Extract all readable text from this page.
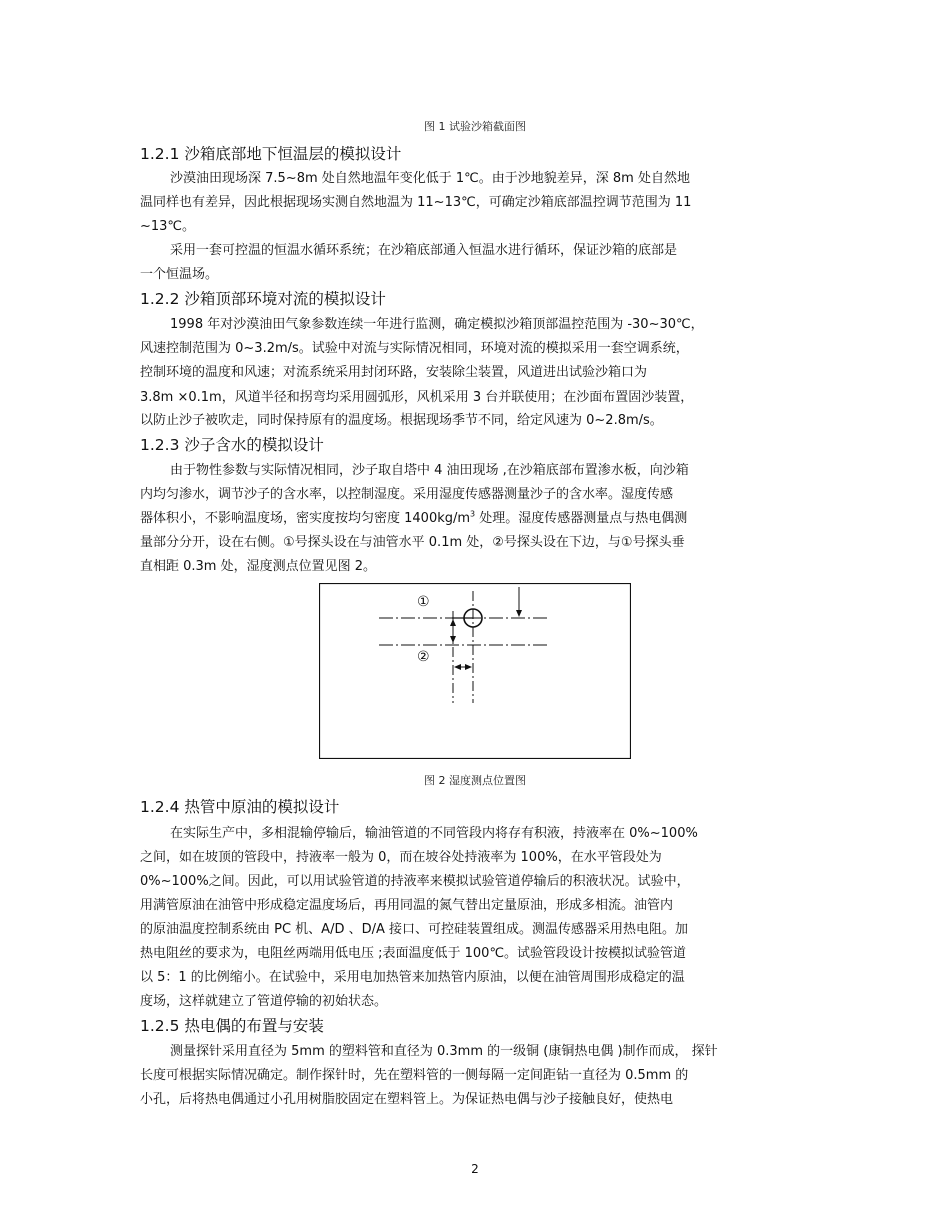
图 1 试验沙箱截面图
1.2.1 沙箱底部地下恒温层的模拟设计
沙漠油田现场深 7.5~8m 处自然地温年变化低于 1℃。由于沙地貌差异，深 8m 处自然地
温同样也有差异，因此根据现场实测自然地温为 11~13℃，可确定沙箱底部温控调节范围为 11
~13℃。
采用一套可控温的恒温水循环系统；在沙箱底部通入恒温水进行循环，保证沙箱的底部是
一个恒温场。
1.2.2 沙箱顶部环境对流的模拟设计
1998 年对沙漠油田气象参数连续一年进行监测，确定模拟沙箱顶部温控范围为 -30~30℃，
风速控制范围为 0~3.2m/s。试验中对流与实际情况相同，环境对流的模拟采用一套空调系统，
控制环境的温度和风速；对流系统采用封闭环路，安装除尘装置，风道进出试验沙箱口为
3.8m ×0.1m，风道半径和拐弯均采用圆弧形，风机采用 3 台并联使用；在沙面布置固沙装置，
以防止沙子被吹走，同时保持原有的温度场。根据现场季节不同，给定风速为 0~2.8m/s。
1.2.3 沙子含水的模拟设计
由于物性参数与实际情况相同，沙子取自塔中 4 油田现场 ,在沙箱底部布置渗水板，向沙箱
内均匀渗水，调节沙子的含水率，以控制湿度。采用湿度传感器测量沙子的含水率。湿度传感
器体积小，不影响温度场，密实度按均匀密度 $1400kg/m^3$ 处理。湿度传感器测量点与热电偶测
量部分分开，设在右侧。①号探头设在与油管水平 0.1m 处，②号探头设在下边，与①号探头垂
直相距 0.3m 处，湿度测点位置见图 2。
①
②
图 2 湿度测点位置图
1.2.4 热管中原油的模拟设计
在实际生产中，多相混输停输后，输油管道的不同管段内将存有积液，持液率在 0%~100%
之间，如在坡顶的管段中，持液率一般为 0，而在坡谷处持液率为 100%，在水平管段处为
0%~100%之间。因此，可以用试验管道的持液率来模拟试验管道停输后的积液状况。试验中，
用满管原油在油管中形成稳定温度场后，再用同温的氮气替出定量原油，形成多相流。油管内
的原油温度控制系统由 PC 机、A/D 、D/A 接口、可控硅装置组成。测温传感器采用热电阻。加
热电阻丝的要求为，电阻丝两端用低电压 ;表面温度低于 100℃。试验管段设计按模拟试验管道
以 5：1 的比例缩小。在试验中，采用电加热管来加热管内原油，以便在油管周围形成稳定的温
度场，这样就建立了管道停输的初始状态。
1.2.5 热电偶的布置与安装
测量探针采用直径为 5mm 的塑料管和直径为 0.3mm 的一级铜 (康铜热电偶 )制作而成， 探针
长度可根据实际情况确定。制作探针时，先在塑料管的一侧每隔一定间距钻一直径为 0.5mm 的
小孔，后将热电偶通过小孔用树脂胶固定在塑料管上。为保证热电偶与沙子接触良好，使热电
2
